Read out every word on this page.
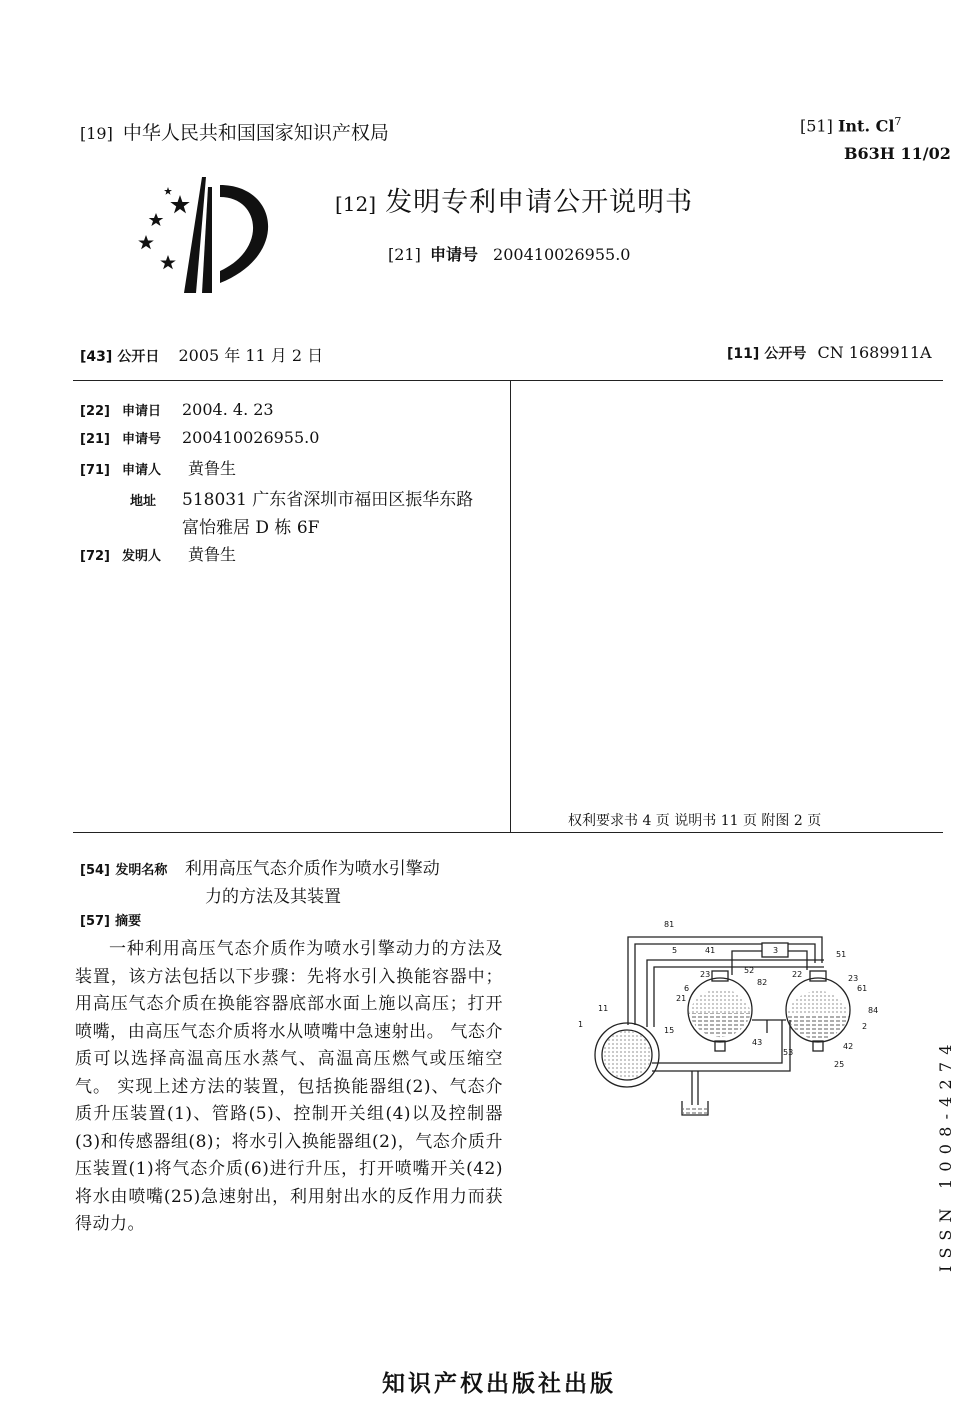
[19] 中华人民共和国国家知识产权局	[51] Int. Cl$^7$
B63H 11/02
[12] 发明专利申请公开说明书
[21] 申请号 200410026955.0
[43] 公开日 2005 年 11 月 2 日	[11] 公开号 CN 1689911A
[22] 申请日 2004. 4. 23
[21] 申请号 200410026955.0
[71] 申请人 黄鲁生
地址 518031 广东省深圳市福田区振华东路
富怡雅居 D 栋 6F
[72] 发明人 黄鲁生
权利要求书 4 页 说明书 11 页 附图 2 页
[54] 发明名称 利用高压气态介质作为喷水引擎动
力的方法及其装置
[57] 摘要
一种利用高压气态介质作为喷水引擎动力的方法及装置，该方法包括以下步骤：先将水引入换能容器中；用高压气态介质在换能容器底部水面上施以高压；打开喷嘴，由高压气态介质将水从喷嘴中急速射出。 气态介质可以选择高温高压水蒸气、高温高压燃气或压缩空气。 实现上述方法的装置，包括换能器组(2)、气态介质升压装置(1)、管路(5)、控制开关组(4)以及控制器(3)和传感器组(8)；将水引入换能器组(2)，气态介质升压装置(1)将气态介质(6)进行升压，打开喷嘴开关(42)将水由喷嘴(25)急速射出，利用射出水的反作用力而获得动力。
81
5	41	3	51
23	52
82
22	23
6	61
21
84
11
1
15	2
43
53
42
25	ISSN 1008-4274
知识产权出版社出版
